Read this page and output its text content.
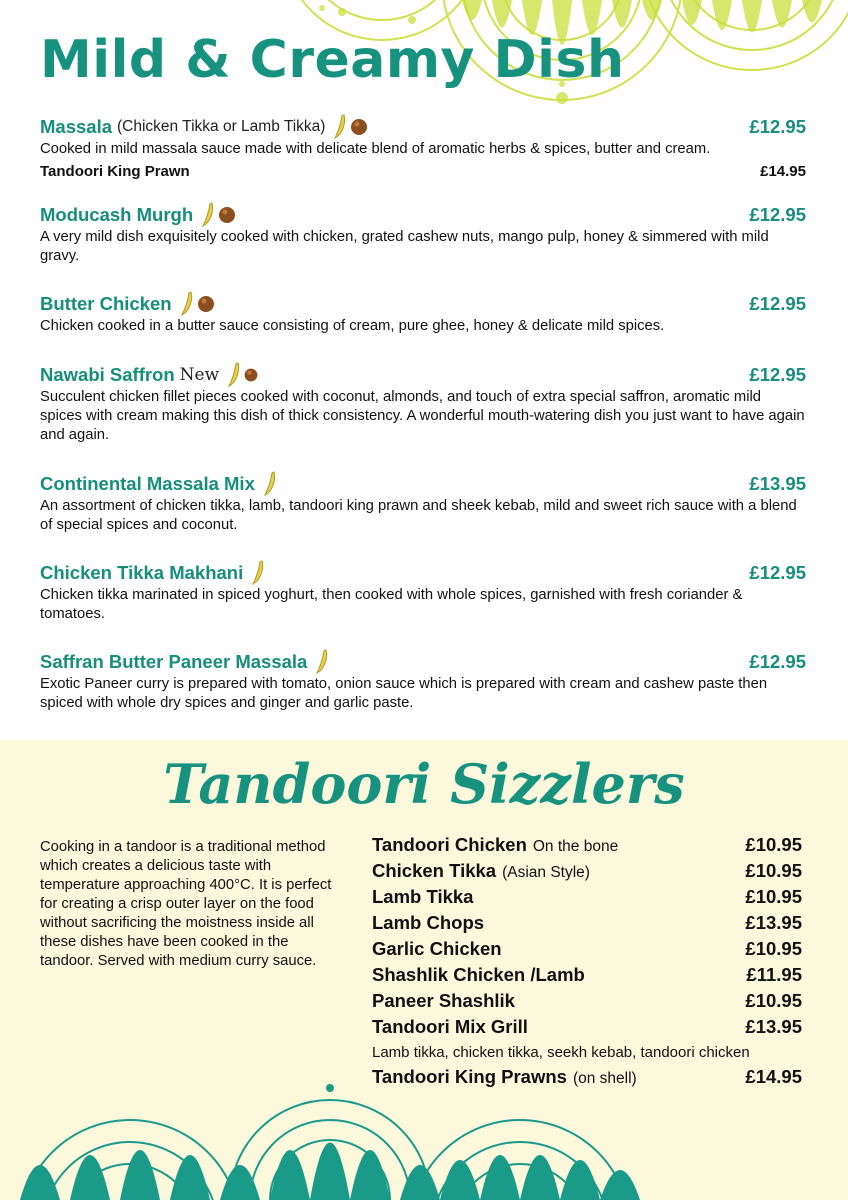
Mild & Creamy Dish
Massala (Chicken Tikka or Lamb Tikka)	£12.95
Cooked in mild massala sauce made with delicate blend of aromatic herbs & spices, butter and cream.
Tandoori King Prawn	£14.95
Moducash Murgh	£12.95
A very mild dish exquisitely cooked with chicken, grated cashew nuts, mango pulp, honey & simmered with mild gravy.
Butter Chicken	£12.95
Chicken cooked in a butter sauce consisting of cream, pure ghee, honey & delicate mild spices.
Nawabi Saffron New	£12.95
Succulent chicken fillet pieces cooked with coconut, almonds, and touch of extra special saffron, aromatic mild spices with cream making this dish of thick consistency. A wonderful mouth-watering dish you just want to have again and again.
Continental Massala Mix	£13.95
An assortment of chicken tikka, lamb, tandoori king prawn and sheek kebab, mild and sweet rich sauce with a blend of special spices and coconut.
Chicken Tikka Makhani	£12.95
Chicken tikka marinated in spiced yoghurt, then cooked with whole spices, garnished with fresh coriander & tomatoes.
Saffran Butter Paneer Massala	£12.95
Exotic Paneer curry is prepared with tomato, onion sauce which is prepared with cream and cashew paste then spiced with whole dry spices and ginger and garlic paste.
Tandoori Sizzlers
Cooking in a tandoor is a traditional method which creates a delicious taste with temperature approaching 400°C. It is perfect for creating a crisp outer layer on the food without sacrificing the moistness inside all these dishes have been cooked in the tandoor. Served with medium curry sauce.
Tandoori Chicken On the bone	£10.95
Chicken Tikka (Asian Style)	£10.95
Lamb Tikka	£10.95
Lamb Chops	£13.95
Garlic Chicken	£10.95
Shashlik Chicken /Lamb	£11.95
Paneer Shashlik	£10.95
Tandoori Mix Grill	£13.95
Lamb tikka, chicken tikka, seekh kebab, tandoori chicken
Tandoori King Prawns (on shell)	£14.95
